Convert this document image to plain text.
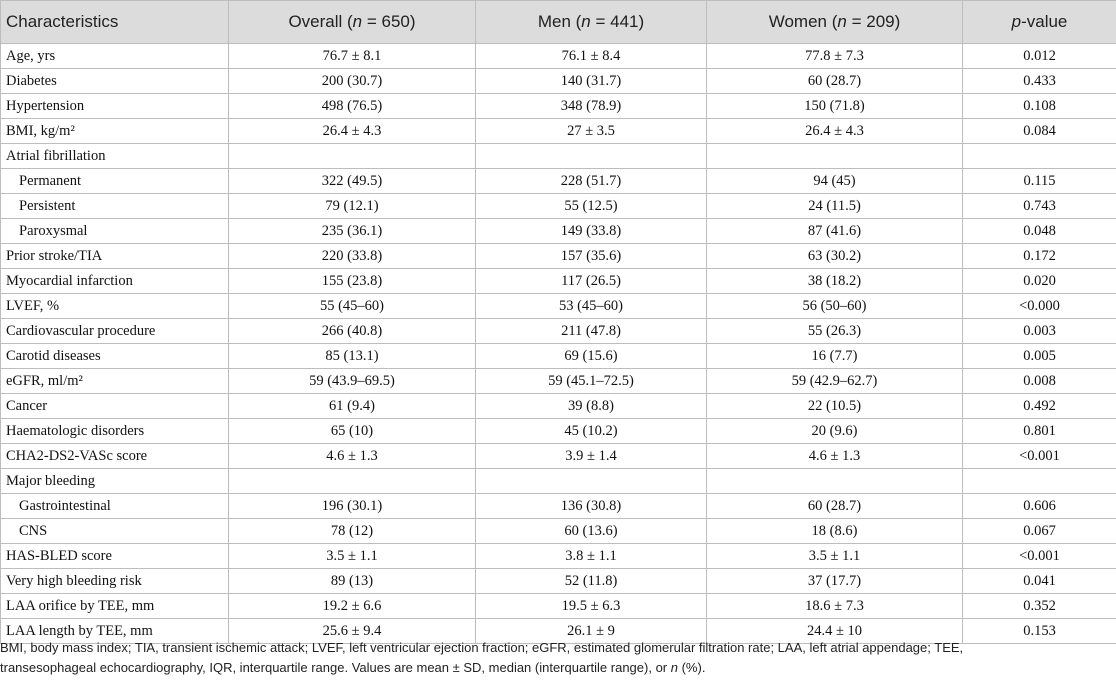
Characteristics	Overall (n = 650)	Men (n = 441)	Women (n = 209)	p-value
Age, yrs	76.7 ± 8.1	76.1 ± 8.4	77.8 ± 7.3	0.012
Diabetes	200 (30.7)	140 (31.7)	60 (28.7)	0.433
Hypertension	498 (76.5)	348 (78.9)	150 (71.8)	0.108
BMI, kg/m²	26.4 ± 4.3	27 ± 3.5	26.4 ± 4.3	0.084
Atrial fibrillation				
Permanent	322 (49.5)	228 (51.7)	94 (45)	0.115
Persistent	79 (12.1)	55 (12.5)	24 (11.5)	0.743
Paroxysmal	235 (36.1)	149 (33.8)	87 (41.6)	0.048
Prior stroke/TIA	220 (33.8)	157 (35.6)	63 (30.2)	0.172
Myocardial infarction	155 (23.8)	117 (26.5)	38 (18.2)	0.020
LVEF, %	55 (45–60)	53 (45–60)	56 (50–60)	<0.000
Cardiovascular procedure	266 (40.8)	211 (47.8)	55 (26.3)	0.003
Carotid diseases	85 (13.1)	69 (15.6)	16 (7.7)	0.005
eGFR, ml/m²	59 (43.9–69.5)	59 (45.1–72.5)	59 (42.9–62.7)	0.008
Cancer	61 (9.4)	39 (8.8)	22 (10.5)	0.492
Haematologic disorders	65 (10)	45 (10.2)	20 (9.6)	0.801
CHA2-DS2-VASc score	4.6 ± 1.3	3.9 ± 1.4	4.6 ± 1.3	<0.001
Major bleeding				
Gastrointestinal	196 (30.1)	136 (30.8)	60 (28.7)	0.606
CNS	78 (12)	60 (13.6)	18 (8.6)	0.067
HAS-BLED score	3.5 ± 1.1	3.8 ± 1.1	3.5 ± 1.1	<0.001
Very high bleeding risk	89 (13)	52 (11.8)	37 (17.7)	0.041
LAA orifice by TEE, mm	19.2 ± 6.6	19.5 ± 6.3	18.6 ± 7.3	0.352
LAA length by TEE, mm	25.6 ± 9.4	26.1 ± 9	24.4 ± 10	0.153

BMI, body mass index; TIA, transient ischemic attack; LVEF, left ventricular ejection fraction; eGFR, estimated glomerular filtration rate; LAA, left atrial appendage; TEE,

transesophageal echocardiography, IQR, interquartile range. Values are mean ± SD, median (interquartile range), or n (%).
